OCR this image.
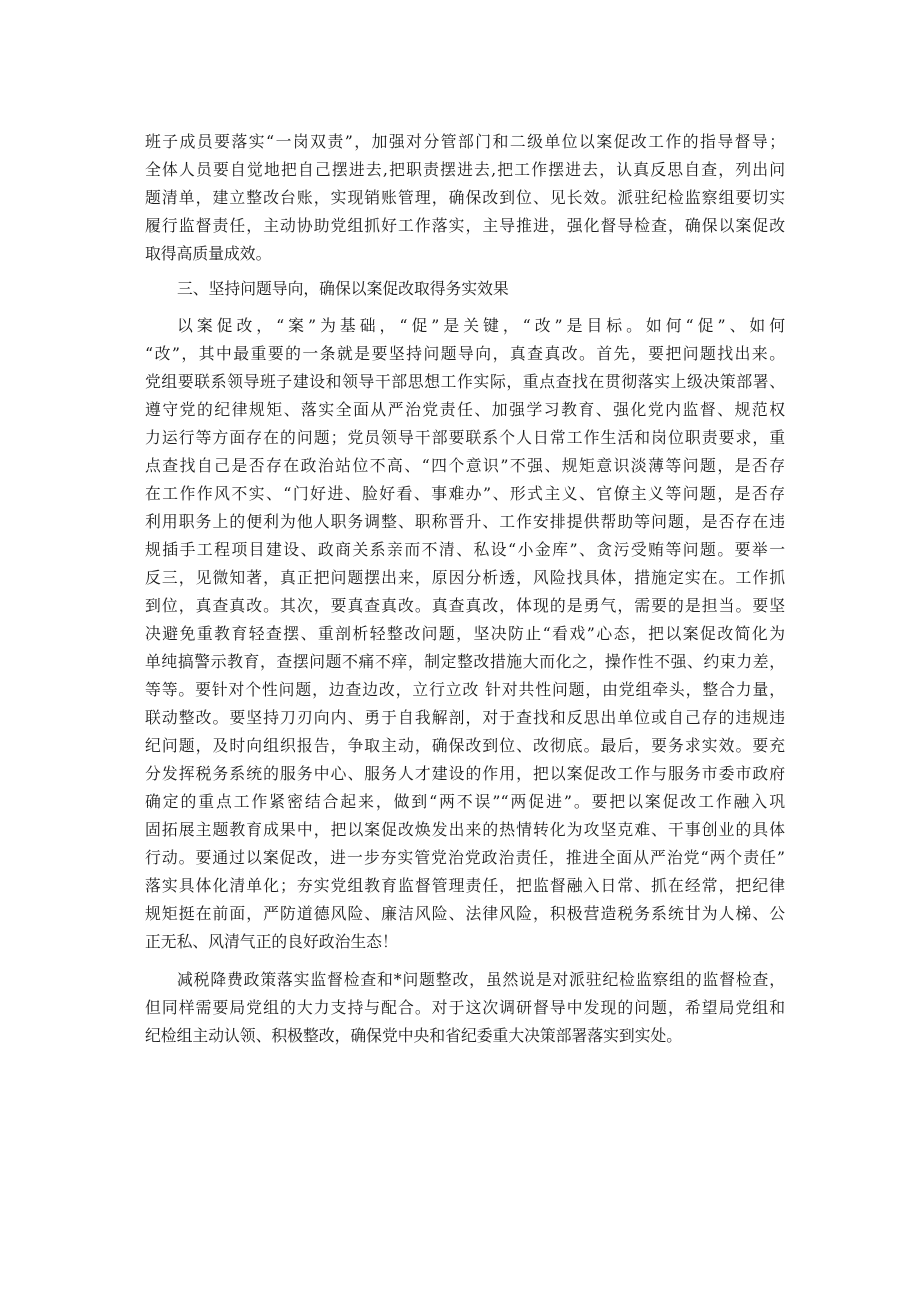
班子成员要落实“一岗双责”，加强对分管部门和二级单位以案促改工作的指导督导；
全体人员要自觉地把自己摆进去,把职责摆进去,把工作摆进去，认真反思自查，列出问
题清单，建立整改台账，实现销账管理，确保改到位、见长效。派驻纪检监察组要切实
履行监督责任，主动协助党组抓好工作落实，主导推进，强化督导检查，确保以案促改
取得高质量成效。
三、坚持问题导向，确保以案促改取得务实效果
以案促改，“案”为基础，“促”是关键，“改”是目标。如何“促”、如何
“改”，其中最重要的一条就是要坚持问题导向，真查真改。首先，要把问题找出来。
党组要联系领导班子建设和领导干部思想工作实际，重点查找在贯彻落实上级决策部署、
遵守党的纪律规矩、落实全面从严治党责任、加强学习教育、强化党内监督、规范权
力运行等方面存在的问题；党员领导干部要联系个人日常工作生活和岗位职责要求，重
点查找自己是否存在政治站位不高、“四个意识”不强、规矩意识淡薄等问题，是否存
在工作作风不实、“门好进、脸好看、事难办”、形式主义、官僚主义等问题，是否存
利用职务上的便利为他人职务调整、职称晋升、工作安排提供帮助等问题，是否存在违
规插手工程项目建设、政商关系亲而不清、私设“小金库”、贪污受贿等问题。要举一
反三，见微知著，真正把问题摆出来，原因分析透，风险找具体，措施定实在。工作抓
到位，真查真改。其次，要真查真改。真查真改，体现的是勇气，需要的是担当。要坚
决避免重教育轻查摆、重剖析轻整改问题，坚决防止“看戏”心态，把以案促改简化为
单纯搞警示教育，查摆问题不痛不痒，制定整改措施大而化之，操作性不强、约束力差，
等等。要针对个性问题，边查边改，立行立改 针对共性问题，由党组牵头，整合力量，
联动整改。要坚持刀刃向内、勇于自我解剖，对于查找和反思出单位或自己存的违规违
纪问题，及时向组织报告，争取主动，确保改到位、改彻底。最后，要务求实效。要充
分发挥税务系统的服务中心、服务人才建设的作用，把以案促改工作与服务市委市政府
确定的重点工作紧密结合起来，做到“两不误”“两促进”。要把以案促改工作融入巩
固拓展主题教育成果中，把以案促改焕发出来的热情转化为攻坚克难、干事创业的具体
行动。要通过以案促改，进一步夯实管党治党政治责任，推进全面从严治党“两个责任”
落实具体化清单化；夯实党组教育监督管理责任，把监督融入日常、抓在经常，把纪律
规矩挺在前面，严防道德风险、廉洁风险、法律风险，积极营造税务系统甘为人梯、公
正无私、风清气正的良好政治生态！
减税降费政策落实监督检查和*问题整改，虽然说是对派驻纪检监察组的监督检查，
但同样需要局党组的大力支持与配合。对于这次调研督导中发现的问题，希望局党组和
纪检组主动认领、积极整改，确保党中央和省纪委重大决策部署落实到实处。
